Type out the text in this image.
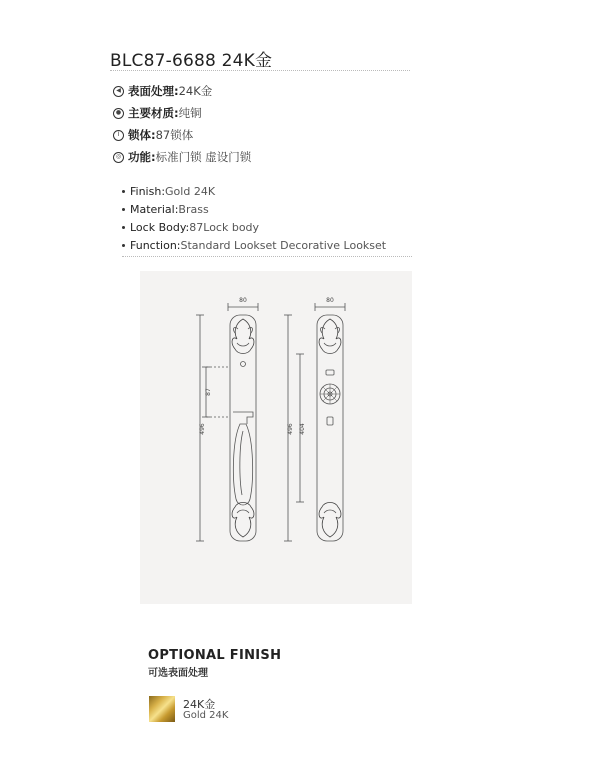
BLC87-6688 24K金
◀ 表面处理: 24K金
● 主要材质: 纯铜
Ⅰ 锁体: 87锁体
◎ 功能: 标准门锁 虚设门锁
Finish: Gold 24K
Material: Brass
Lock Body: 87Lock body
Function: Standard Lookset Decorative Lookset
80
87
496
80
496 404
OPTIONAL FINISH
可选表面处理
24K金
Gold 24K
